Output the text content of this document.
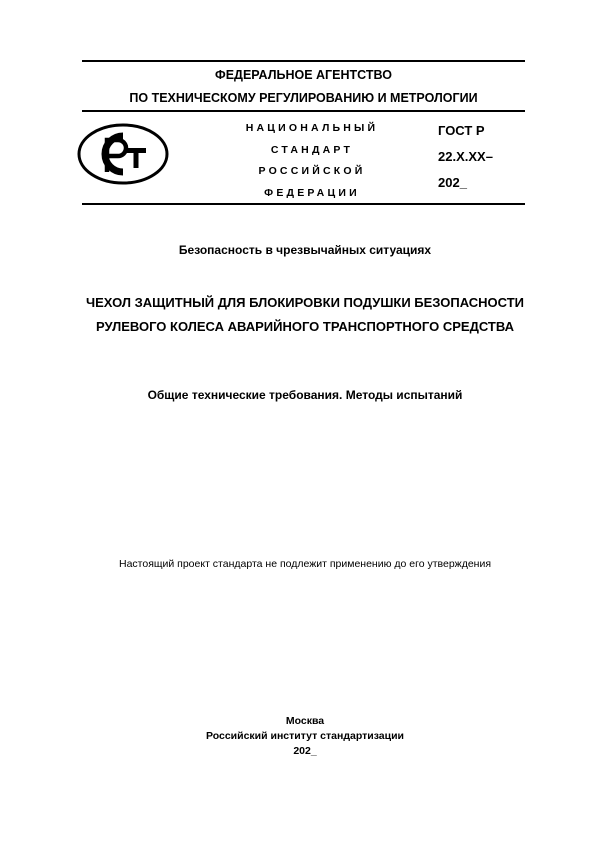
ФЕДЕРАЛЬНОЕ АГЕНТСТВО
ПО ТЕХНИЧЕСКОМУ РЕГУЛИРОВАНИЮ И МЕТРОЛОГИИ
НАЦИОНАЛЬНЫЙ
СТАНДАРТ
РОССИЙСКОЙ
ФЕДЕРАЦИИ
ГОСТ Р
22.Х.ХХ–
202_
Безопасность в чрезвычайных ситуациях
ЧЕХОЛ ЗАЩИТНЫЙ ДЛЯ БЛОКИРОВКИ ПОДУШКИ БЕЗОПАСНОСТИ
РУЛЕВОГО КОЛЕСА АВАРИЙНОГО ТРАНСПОРТНОГО СРЕДСТВА
Общие технические требования. Методы испытаний
Настоящий проект стандарта не подлежит применению до его утверждения
Москва
Российский институт стандартизации
202_
